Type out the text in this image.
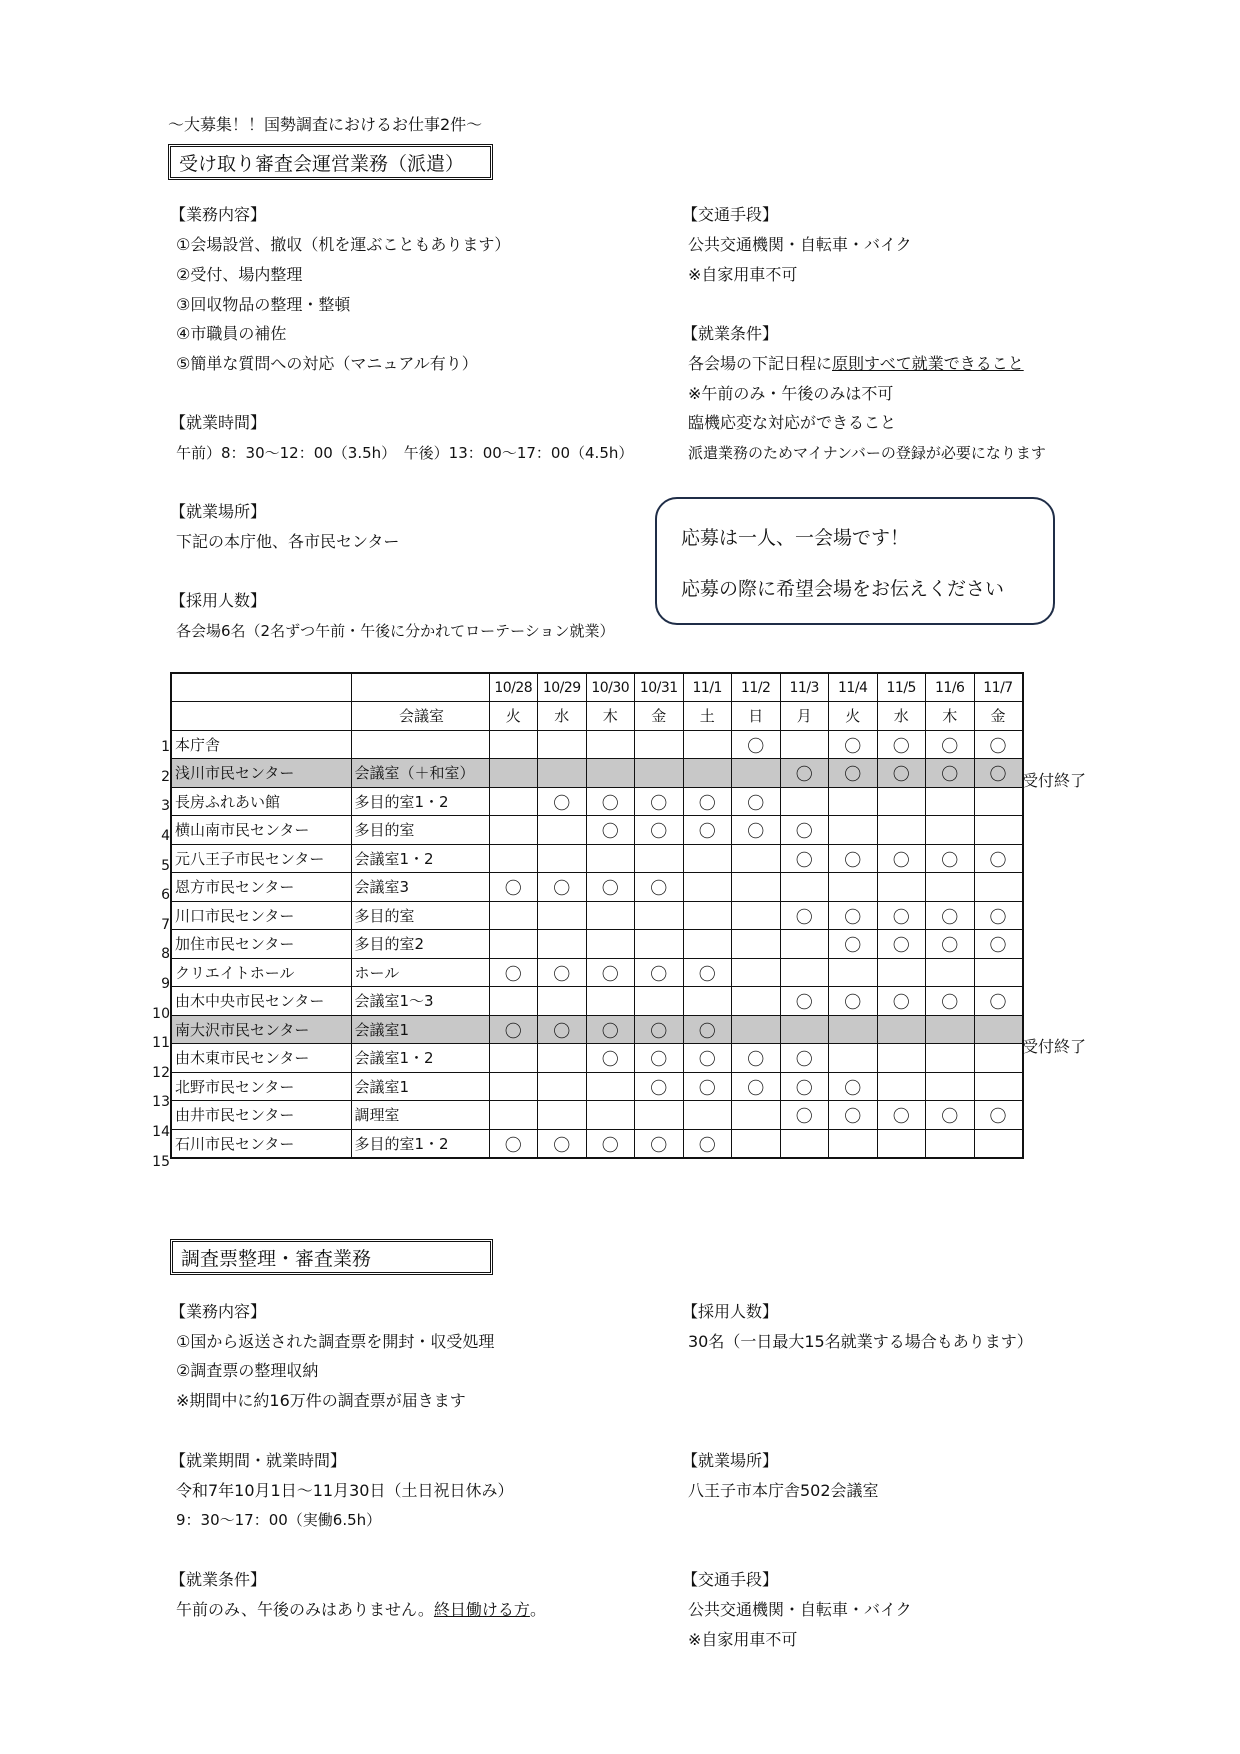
～大募集！！国勢調査におけるお仕事2件～
受け取り審査会運営業務（派遣）
【業務内容】
①会場設営、撤収（机を運ぶこともあります）
②受付、場内整理
③回収物品の整理・整頓
④市職員の補佐
⑤簡単な質問への対応（マニュアル有り）
【就業時間】
午前）8：30～12：00（3.5h）　午後）13：00～17：00（4.5h）
【就業場所】
下記の本庁他、各市民センター
【採用人数】
各会場6名（2名ずつ午前・午後に分かれてローテーション就業）
【交通手段】
公共交通機関・自転車・バイク
※自家用車不可
【就業条件】
各会場の下記日程に原則すべて就業できること
※午前のみ・午後のみは不可
臨機応変な対応ができること
派遣業務のためマイナンバーの登録が必要になります
応募は一人、一会場です！
応募の際に希望会場をお伝えください
1
2
3
4
5
6
7
8
9
10
11
12
13
14
15
		10/28	10/29	10/30	10/31	11/1	11/2	11/3	11/4	11/5	11/6	11/7
	会議室	火	水	木	金	土	日	月	火	水	木	金
本庁舎							〇		〇	〇	〇	〇
浅川市民センター	会議室（＋和室）							〇	〇	〇	〇	〇
長房ふれあい館	多目的室1・2		〇	〇	〇	〇	〇					
横山南市民センター	多目的室			〇	〇	〇	〇	〇				
元八王子市民センター	会議室1・2							〇	〇	〇	〇	〇
恩方市民センター	会議室3	〇	〇	〇	〇							
川口市民センター	多目的室							〇	〇	〇	〇	〇
加住市民センター	多目的室2								〇	〇	〇	〇
クリエイトホール	ホール	〇	〇	〇	〇	〇						
由木中央市民センター	会議室1～3							〇	〇	〇	〇	〇
南大沢市民センター	会議室1	〇	〇	〇	〇	〇						
由木東市民センター	会議室1・2			〇	〇	〇	〇	〇				
北野市民センター	会議室1				〇	〇	〇	〇	〇			
由井市民センター	調理室							〇	〇	〇	〇	〇
石川市民センター	多目的室1・2	〇	〇	〇	〇	〇						
受付終了
受付終了
調査票整理・審査業務
【業務内容】
①国から返送された調査票を開封・収受処理
②調査票の整理収納
※期間中に約16万件の調査票が届きます
【就業期間・就業時間】
令和7年10月1日～11月30日（土日祝日休み）
9：30～17：00（実働6.5h）
【就業条件】
午前のみ、午後のみはありません。終日働ける方。
【採用人数】
30名（一日最大15名就業する場合もあります）
【就業場所】
八王子市本庁舎502会議室
【交通手段】
公共交通機関・自転車・バイク
※自家用車不可
